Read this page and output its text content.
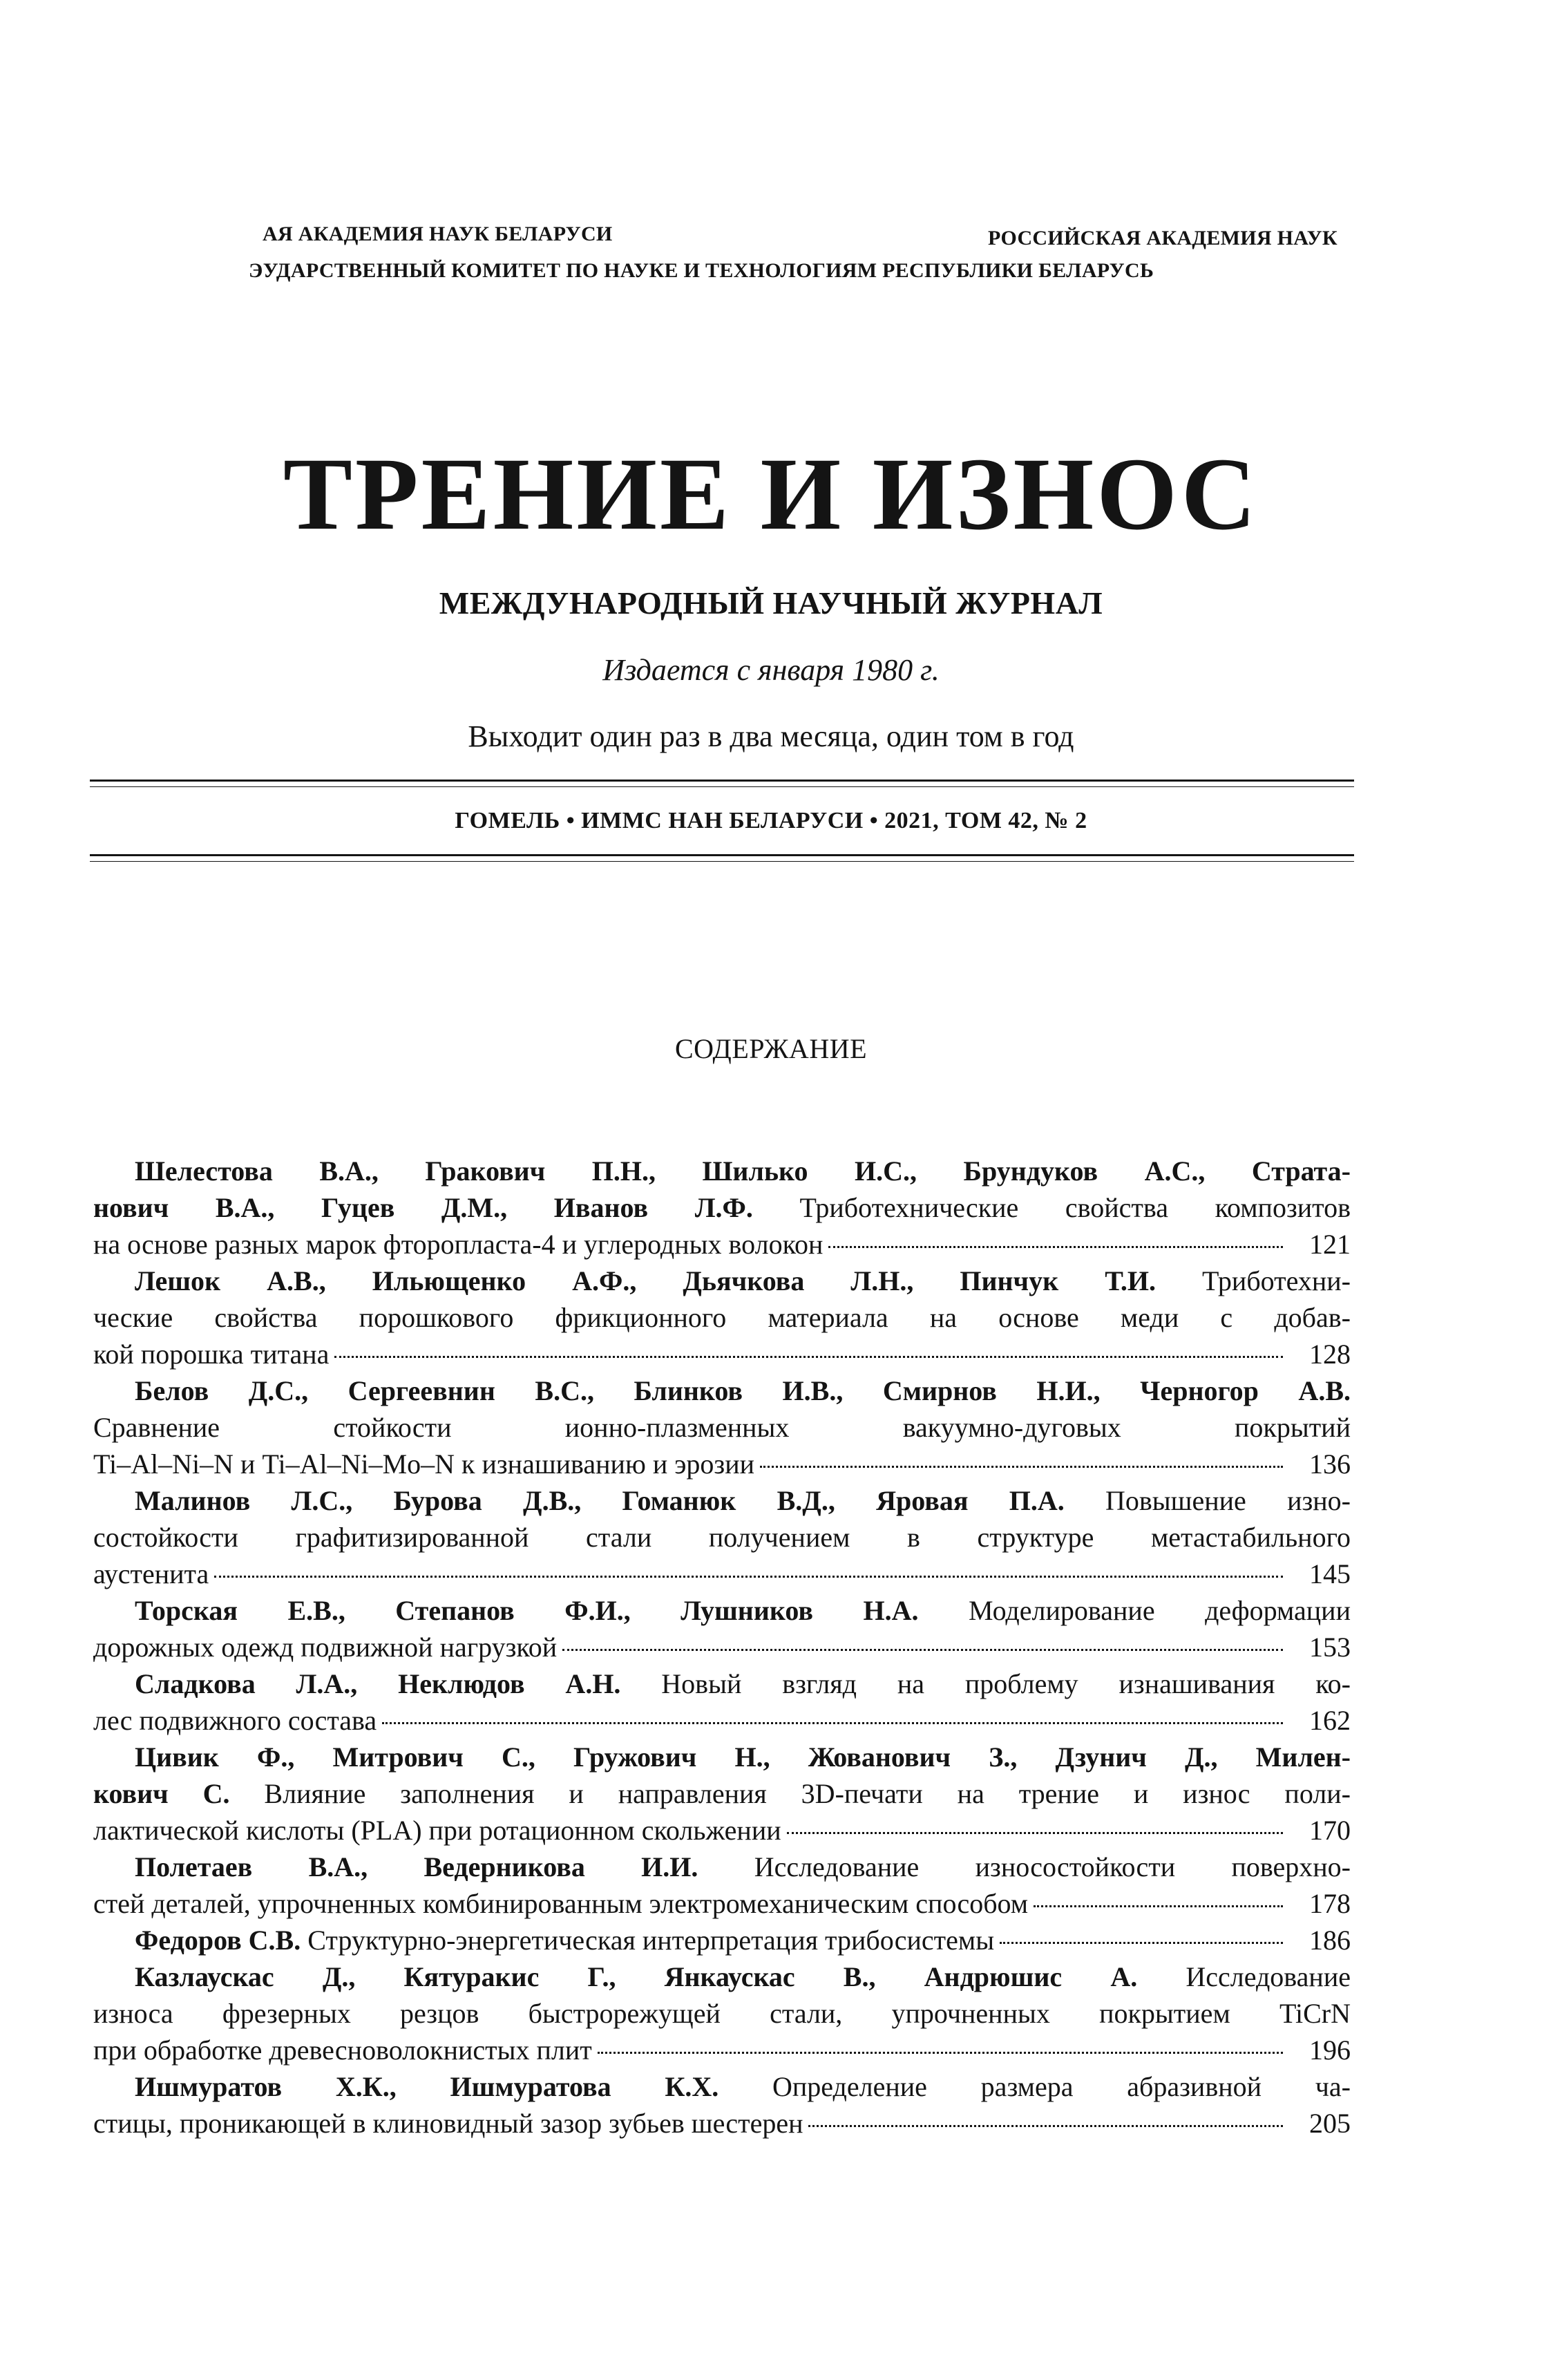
АЯ АКАДЕМИЯ НАУК БЕЛАРУСИ	РОССИЙСКАЯ АКАДЕМИЯ НАУК
ЭУДАРСТВЕННЫЙ КОМИТЕТ ПО НАУКЕ И ТЕХНОЛОГИЯМ РЕСПУБЛИКИ БЕЛАРУСЬ
ТРЕНИЕ И ИЗНОС
МЕЖДУНАРОДНЫЙ НАУЧНЫЙ ЖУРНАЛ
Издается с января 1980 г.
Выходит один раз в два месяца, один том в год
ГОМЕЛЬ • ИММС НАН БЕЛАРУСИ • 2021, ТОМ 42, № 2
СОДЕРЖАНИЕ
Шелестова В.А., Гракович П.Н., Шилько И.С., Брундуков А.С., Страта-
нович В.А., Гуцев Д.М., Иванов Л.Ф. Триботехнические свойства композитов
на основе разных марок фторопласта-4 и углеродных волокон	121
Лешок А.В., Ильющенко А.Ф., Дьячкова Л.Н., Пинчук Т.И. Триботехни-
ческие свойства порошкового фрикционного материала на основе меди с добав-
кой порошка титана	128
Белов Д.С., Сергеевнин В.С., Блинков И.В., Смирнов Н.И., Черногор А.В.
Сравнение стойкости ионно-плазменных вакуумно-дуговых покрытий
Ti–Al–Ni–N и Ti–Al–Ni–Mo–N к изнашиванию и эрозии	136
Малинов Л.С., Бурова Д.В., Гоманюк В.Д., Яровая П.А. Повышение изно-
состойкости графитизированной стали получением в структуре метастабильного
аустенита	145
Торская Е.В., Степанов Ф.И., Лушников Н.А. Моделирование деформации
дорожных одежд подвижной нагрузкой	153
Сладкова Л.А., Неклюдов А.Н. Новый взгляд на проблему изнашивания ко-
лес подвижного состава	162
Цивик Ф., Митрович С., Гружович Н., Жованович З., Дзунич Д., Милен-
кович С. Влияние заполнения и направления 3D-печати на трение и износ поли-
лактической кислоты (PLA) при ротационном скольжении	170
Полетаев В.А., Ведерникова И.И. Исследование износостойкости поверхно-
стей деталей, упрочненных комбинированным электромеханическим способом	178
Федоров С.В. Структурно-энергетическая интерпретация трибосистемы	186
Казлаускас Д., Кятуракис Г., Янкаускас В., Андрюшис А. Исследование
износа фрезерных резцов быстрорежущей стали, упрочненных покрытием TiCrN
при обработке древесноволокнистых плит	196
Ишмуратов Х.К., Ишмуратова К.Х. Определение размера абразивной ча-
стицы, проникающей в клиновидный зазор зубьев шестерен	205
